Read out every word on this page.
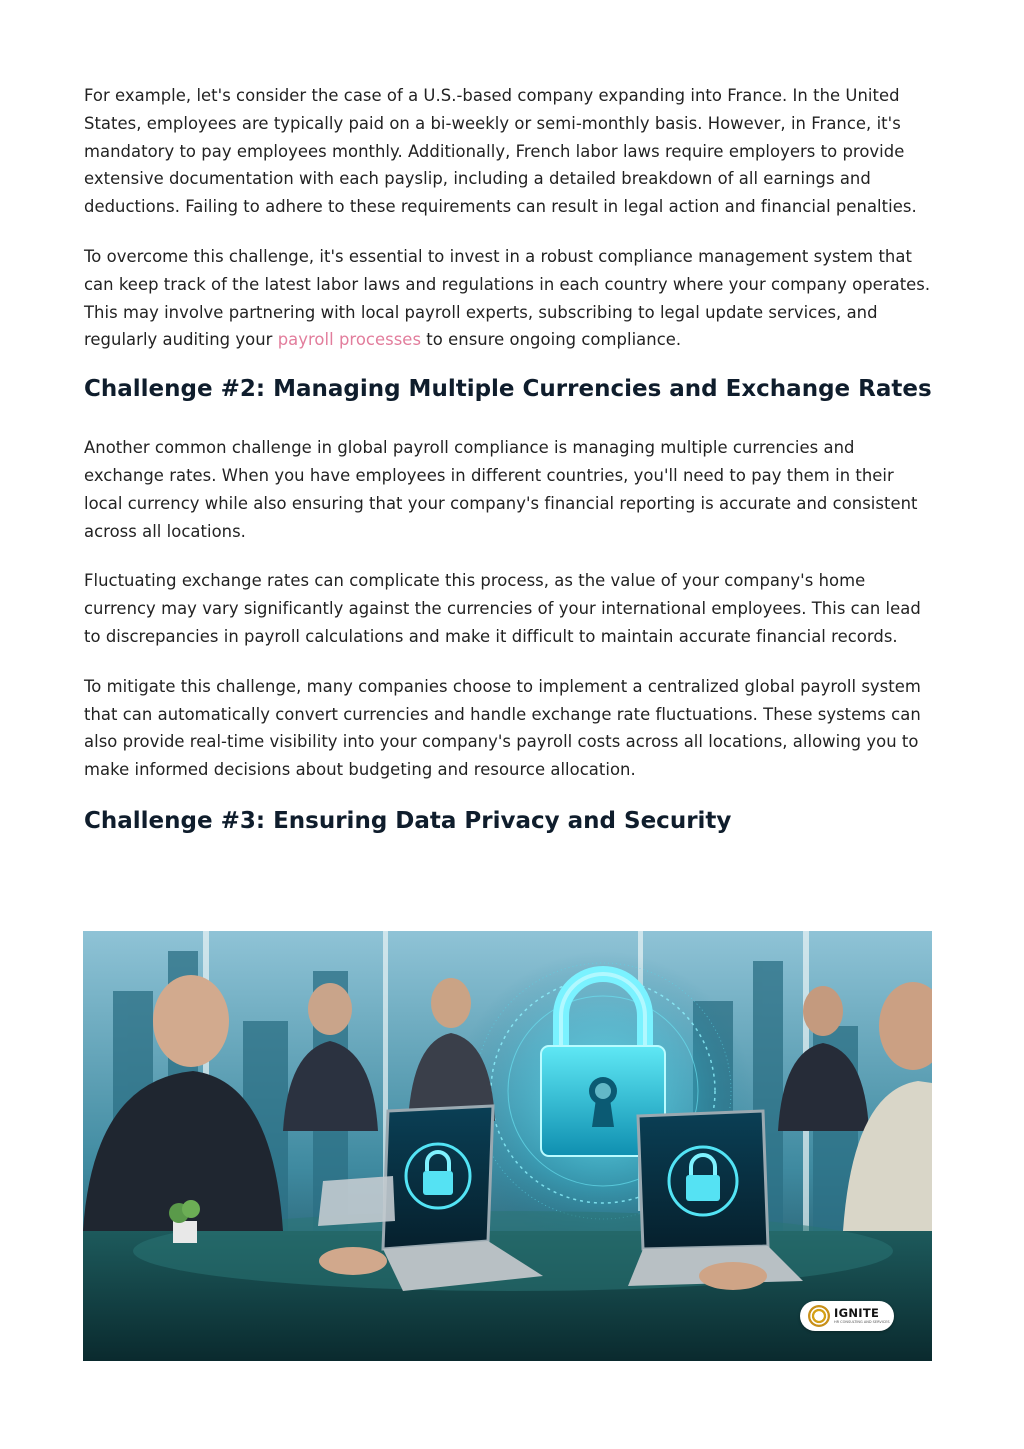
For example, let's consider the case of a U.S.-based company expanding into France. In the United States, employees are typically paid on a bi-weekly or semi-monthly basis. However, in France, it's mandatory to pay employees monthly. Additionally, French labor laws require employers to provide extensive documentation with each payslip, including a detailed breakdown of all earnings and deductions. Failing to adhere to these requirements can result in legal action and financial penalties.

To overcome this challenge, it's essential to invest in a robust compliance management system that can keep track of the latest labor laws and regulations in each country where your company operates. This may involve partnering with local payroll experts, subscribing to legal update services, and regularly auditing your payroll processes to ensure ongoing compliance.

Challenge #2: Managing Multiple Currencies and Exchange Rates

Another common challenge in global payroll compliance is managing multiple currencies and exchange rates. When you have employees in different countries, you'll need to pay them in their local currency while also ensuring that your company's financial reporting is accurate and consistent across all locations.

Fluctuating exchange rates can complicate this process, as the value of your company's home currency may vary significantly against the currencies of your international employees. This can lead to discrepancies in payroll calculations and make it difficult to maintain accurate financial records.

To mitigate this challenge, many companies choose to implement a centralized global payroll system that can automatically convert currencies and handle exchange rate fluctuations. These systems can also provide real-time visibility into your company's payroll costs across all locations, allowing you to make informed decisions about budgeting and resource allocation.

Challenge #3: Ensuring Data Privacy and Security
IGNITE
HR CONSULTING AND SERVICES
